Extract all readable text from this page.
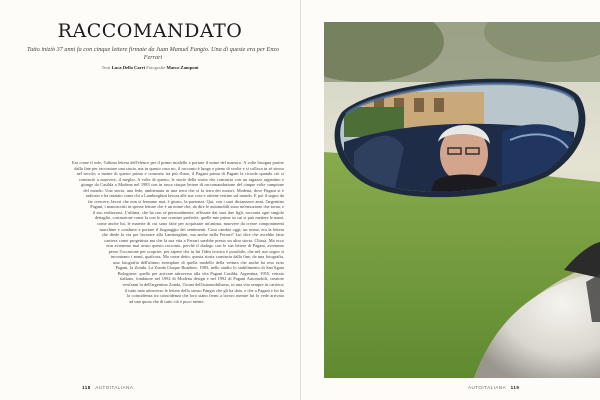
RACCOMANDATO

Tutto iniziò 37 anni fa con cinque lettere firmate da Juan Manuel Fangio. Una di queste era per Enzo Ferrari

Testi Luca Dello Carri Fotografie Marco Zamponi

Era come il sole, l'ultima lettera dell'elenco per il primo modello a portare il nome del maestro. A volte bisogna partire dalla fine per raccontare una storia, ma in questo caso no, il racconto è lungo e pieno di svolte e si colloca in sé stesso nel secolo; a monte di questo primo e consueto tra più d'uno, il Pagani prima di Pagani la ricorda quando ciò si cominciò a muovere, il meglio. A volte di questo, le storie della storia che comincia con un ragazzo argentino e giunge da Casilda a Modena nel 1983 con in tasca cinque lettere di raccomandazione del cinque volte campione del mondo. Una storia, una fede, ambientata in una terra che si fa terra dei motori. Modena, dove Pagani si è radicato e ha iniziato come chi a Lamborghini lavora alle sue cose e ottiene vetrine sul mondo. E poi il sogno da far crescere, lavori che non si fermano mai, è giusto, la pazienza. Qui, con i suoi diciannove anni, l'argentino Pagani, i manoscritti in spesse letture che è un nome che, da dire le automobili sono un'emozione che torna, e il suo realizzarsi. L'ultima, che ha con sé personalmente, affissate dai suoi due figli, racconta ogni singolo dettaglio, costruzione come fa con le sue creature preferite, quelle mie prime su cui si può mettere le mani, come anche lui, le materie di cui sono fatte per acquistare un'anima, muovere da creare componimenti macchine e condurre a portare il linguaggio dei sentimenti. Cosa cambia oggi, un nome, era la lettera che diede la via per lavorare alla Lamborghini, ma anche nella Ferrari? Lui dice che avrebbe fatto carriera come progettista ma che la sua vita a Ferrari sarebbe presto un altra storia. Chissà. Ma ecco non avremmo mai avuto questo racconto, perché il dialogo con le sue lettere di Pagani, avremmo perso l'occasione per scoprire, per sapere che in lui l'idea tecnica è possibile, che nel suo sogno si incontrano i nomi, qualcosa. Ma come detto, questa storia comincia dalla fine, da una fotografia, una fotografia dell'ultimo esemplare di quella modello della vettura che anche ha reso noto Pagani, la Zonda. La Zonda Cinque Roadster, 1983, nello studio lo stabilimento di San'Agata Bolognese: quello per arrivare attraverso alla vita Pagani Casilda, Argentina, 1955, vetraio italiano, fondatore nel 1992 di Modena design e nel 1992 di Pagani Automobili, creatore vent'anni fa dell'argentino Zonda, l'icona dell'automobilismo, in una vita sempre in carriera; il tutto nato attraverso le lettere dello stesso Fangio che gli ha dato, e che a Pagani e lui ha la coincidenza tra coincidenza che loro siano fermi a lavoro mentre lui lo vede arrivato ad una quota che di tutto ciò è poco niente.

118 AUTOITALIANA	AUTOITALIANA 119
